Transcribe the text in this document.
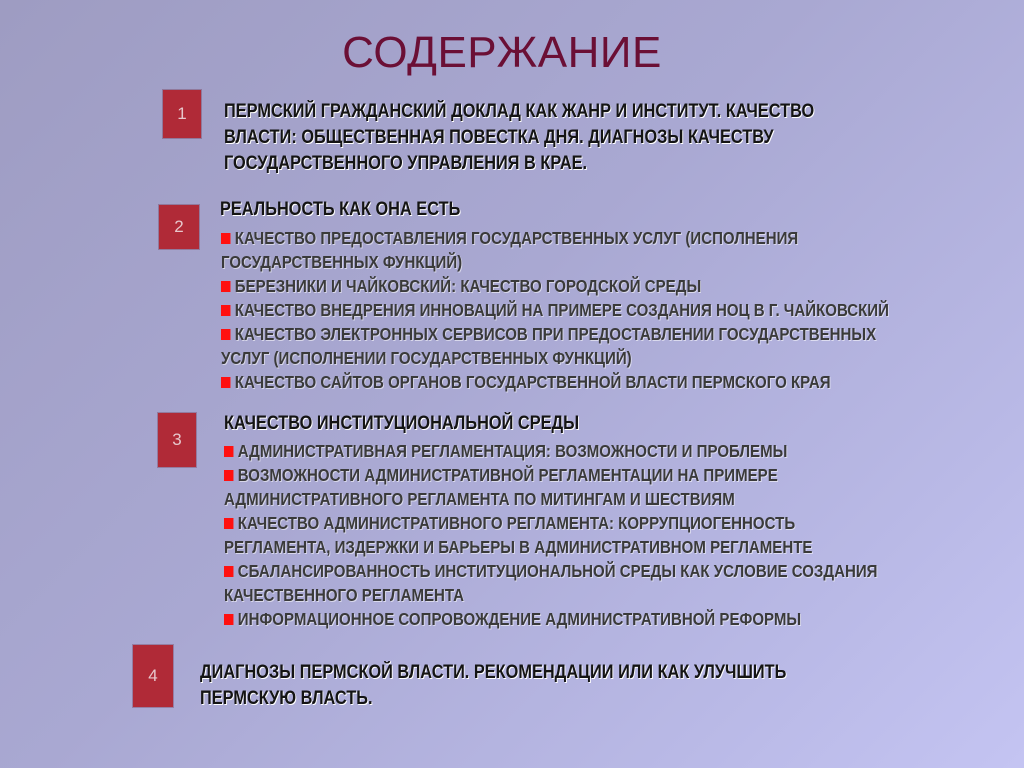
СОДЕРЖАНИЕ
1	ПЕРМСКИЙ ГРАЖДАНСКИЙ ДОКЛАД КАК ЖАНР И ИНСТИТУТ. КАЧЕСТВО
ВЛАСТИ: ОБЩЕСТВЕННАЯ ПОВЕСТКА ДНЯ. ДИАГНОЗЫ КАЧЕСТВУ
ГОСУДАРСТВЕННОГО УПРАВЛЕНИЯ В КРАЕ.
2
РЕАЛЬНОСТЬ КАК ОНА ЕСТЬ
КАЧЕСТВО ПРЕДОСТАВЛЕНИЯ ГОСУДАРСТВЕННЫХ УСЛУГ (ИСПОЛНЕНИЯ
ГОСУДАРСТВЕННЫХ ФУНКЦИЙ)
БЕРЕЗНИКИ И ЧАЙКОВСКИЙ: КАЧЕСТВО ГОРОДСКОЙ СРЕДЫ
КАЧЕСТВО ВНЕДРЕНИЯ ИННОВАЦИЙ НА ПРИМЕРЕ СОЗДАНИЯ НОЦ В Г. ЧАЙКОВСКИЙ
КАЧЕСТВО ЭЛЕКТРОННЫХ СЕРВИСОВ ПРИ ПРЕДОСТАВЛЕНИИ ГОСУДАРСТВЕННЫХ
УСЛУГ (ИСПОЛНЕНИИ ГОСУДАРСТВЕННЫХ ФУНКЦИЙ)
КАЧЕСТВО САЙТОВ ОРГАНОВ ГОСУДАРСТВЕННОЙ ВЛАСТИ ПЕРМСКОГО КРАЯ
3
КАЧЕСТВО ИНСТИТУЦИОНАЛЬНОЙ СРЕДЫ
АДМИНИСТРАТИВНАЯ РЕГЛАМЕНТАЦИЯ: ВОЗМОЖНОСТИ И ПРОБЛЕМЫ
ВОЗМОЖНОСТИ АДМИНИСТРАТИВНОЙ РЕГЛАМЕНТАЦИИ НА ПРИМЕРЕ
АДМИНИСТРАТИВНОГО РЕГЛАМЕНТА ПО МИТИНГАМ И ШЕСТВИЯМ
КАЧЕСТВО АДМИНИСТРАТИВНОГО РЕГЛАМЕНТА: КОРРУПЦИОГЕННОСТЬ
РЕГЛАМЕНТА, ИЗДЕРЖКИ И БАРЬЕРЫ В АДМИНИСТРАТИВНОМ РЕГЛАМЕНТЕ
СБАЛАНСИРОВАННОСТЬ ИНСТИТУЦИОНАЛЬНОЙ СРЕДЫ КАК УСЛОВИЕ СОЗДАНИЯ
КАЧЕСТВЕННОГО РЕГЛАМЕНТА
ИНФОРМАЦИОННОЕ СОПРОВОЖДЕНИЕ АДМИНИСТРАТИВНОЙ РЕФОРМЫ
4	ДИАГНОЗЫ ПЕРМСКОЙ ВЛАСТИ. РЕКОМЕНДАЦИИ ИЛИ КАК УЛУЧШИТЬ
ПЕРМСКУЮ ВЛАСТЬ.
